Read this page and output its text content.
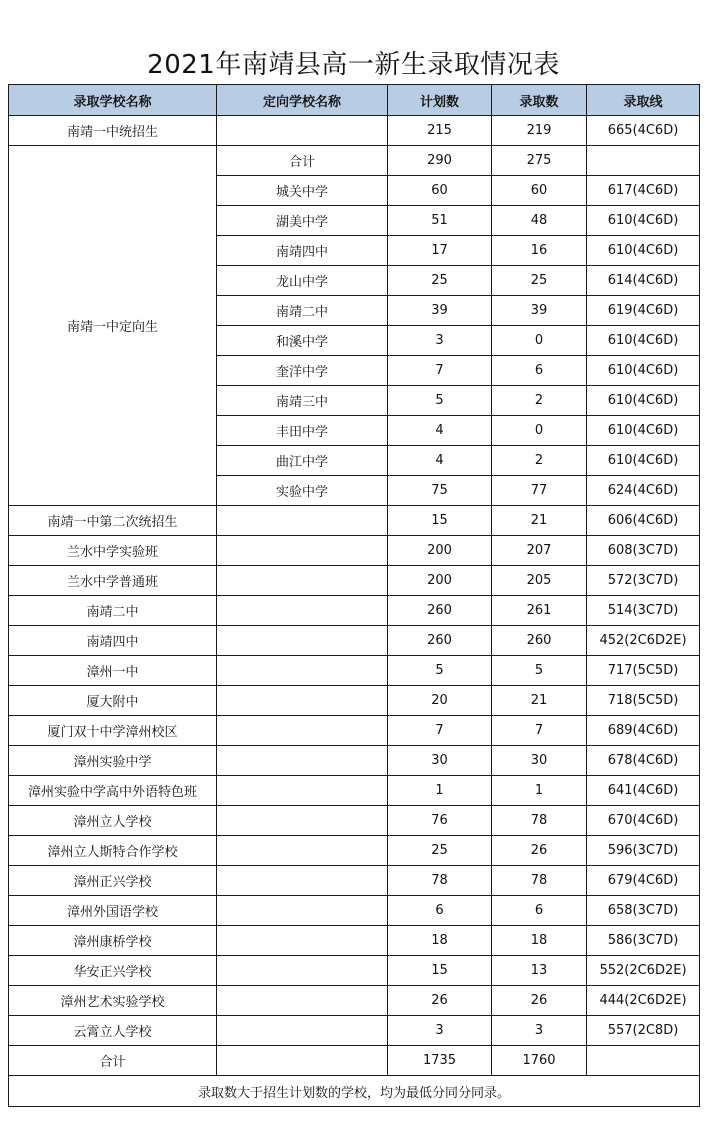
2021年南靖县高一新生录取情况表
录取学校名称	定向学校名称	计划数	录取数	录取线
南靖一中统招生		215	219	665(4C6D)
南靖一中定向生	合计	290	275	
	城关中学	60	60	617(4C6D)
	湖美中学	51	48	610(4C6D)
	南靖四中	17	16	610(4C6D)
	龙山中学	25	25	614(4C6D)
	南靖二中	39	39	619(4C6D)
	和溪中学	3	0	610(4C6D)
	奎洋中学	7	6	610(4C6D)
	南靖三中	5	2	610(4C6D)
	丰田中学	4	0	610(4C6D)
	曲江中学	4	2	610(4C6D)
	实验中学	75	77	624(4C6D)
南靖一中第二次统招生		15	21	606(4C6D)
兰水中学实验班		200	207	608(3C7D)
兰水中学普通班		200	205	572(3C7D)
南靖二中		260	261	514(3C7D)
南靖四中		260	260	452(2C6D2E)
漳州一中		5	5	717(5C5D)
厦大附中		20	21	718(5C5D)
厦门双十中学漳州校区		7	7	689(4C6D)
漳州实验中学		30	30	678(4C6D)
漳州实验中学高中外语特色班		1	1	641(4C6D)
漳州立人学校		76	78	670(4C6D)
漳州立人斯特合作学校		25	26	596(3C7D)
漳州正兴学校		78	78	679(4C6D)
漳州外国语学校		6	6	658(3C7D)
漳州康桥学校		18	18	586(3C7D)
华安正兴学校		15	13	552(2C6D2E)
漳州艺术实验学校		26	26	444(2C6D2E)
云霄立人学校		3	3	557(2C8D)
合计		1735	1760	
录取数大于招生计划数的学校，均为最低分同分同录。				
